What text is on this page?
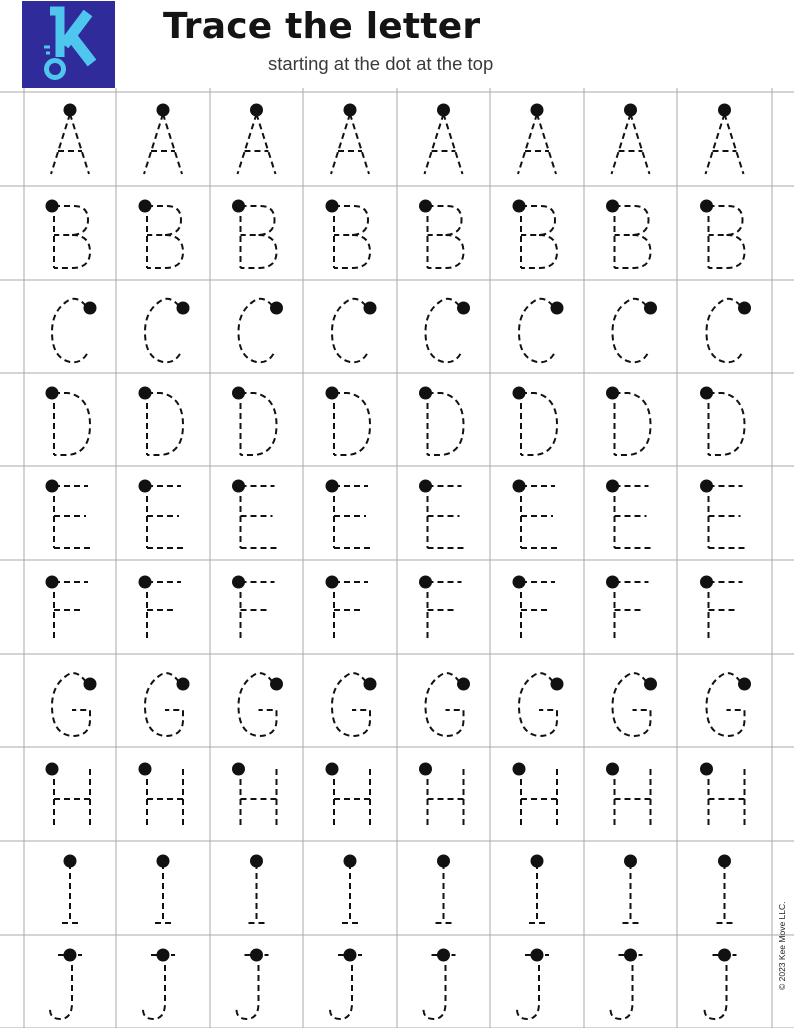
Trace the letter
starting at the dot at the top
© 2023 Kee Move LLC.
